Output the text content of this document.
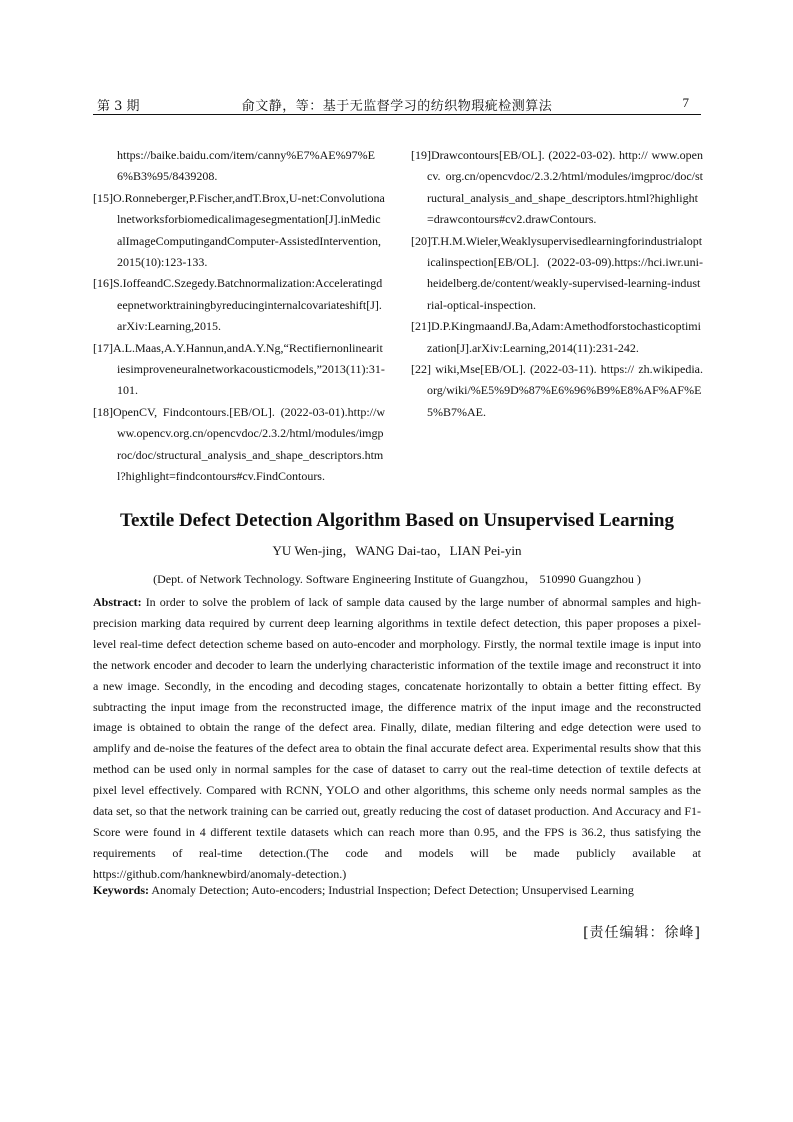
第 3 期	俞文静，等：基于无监督学习的纺织物瑕疵检测算法	7
https://baike.baidu.com/item/canny%E7%AE%97%E6%B3%95/8439208.
[15]O.Ronneberger,P.Fischer,andT.Brox,U-net:Convolutionalnetworksforbiomedicalimagesegmentation[J].inMedicalImageComputingandComputer-AssistedIntervention,2015(10):123-133.
[16]S.IoffeandC.Szegedy.Batchnormalization:Acceleratingdeepnetworktrainingbyreducinginternalcovariateshift[J].arXiv:Learning,2015.
[17]A.L.Maas,A.Y.Hannun,andA.Y.Ng,“Rectifiernonlinearitiesimproveneuralnetworkacousticmodels,”2013(11):31-101.
[18]OpenCV, Findcontours.[EB/OL]. (2022-03-01).http://www.opencv.org.cn/opencvdoc/2.3.2/html/modules/imgproc/doc/structural_analysis_and_shape_descriptors.html?highlight=findcontours#cv.FindContours.
[19]Drawcontours[EB/OL]. (2022-03-02). http:// www.opencv. org.cn/opencvdoc/2.3.2/html/modules/imgproc/doc/structural_analysis_and_shape_descriptors.html?highlight=drawcontours#cv2.drawContours.
[20]T.H.M.Wieler,Weaklysupervisedlearningforindustrialopticalinspection[EB/OL]. (2022-03-09).https://hci.iwr.uni-heidelberg.de/content/weakly-supervised-learning-industrial-optical-inspection.
[21]D.P.KingmaandJ.Ba,Adam:Amethodforstochasticoptimization[J].arXiv:Learning,2014(11):231-242.
[22] wiki,Mse[EB/OL]. (2022-03-11). https:// zh.wikipedia.org/wiki/%E5%9D%87%E6%96%B9%E8%AF%AF%E5%B7%AE.
Textile Defect Detection Algorithm Based on Unsupervised Learning
YU Wen-jing，WANG Dai-tao，LIAN Pei-yin
(Dept. of Network Technology. Software Engineering Institute of Guangzhou， 510990 Guangzhou )
Abstract: In order to solve the problem of lack of sample data caused by the large number of abnormal samples and high-precision marking data required by current deep learning algorithms in textile defect detection, this paper proposes a pixel-level real-time defect detection scheme based on auto-encoder and morphology. Firstly, the normal textile image is input into the network encoder and decoder to learn the underlying characteristic information of the textile image and reconstruct it into a new image. Secondly, in the encoding and decoding stages, concatenate horizontally to obtain a better fitting effect. By subtracting the input image from the reconstructed image, the difference matrix of the input image and the reconstructed image is obtained to obtain the range of the defect area. Finally, dilate, median filtering and edge detection were used to amplify and de-noise the features of the defect area to obtain the final accurate defect area. Experimental results show that this method can be used only in normal samples for the case of dataset to carry out the real-time detection of textile defects at pixel level effectively. Compared with RCNN, YOLO and other algorithms, this scheme only needs normal samples as the data set, so that the network training can be carried out, greatly reducing the cost of dataset production. And Accuracy and F1- Score were found in 4 different textile datasets which can reach more than 0.95, and the FPS is 36.2, thus satisfying the requirements of real-time detection.(The code and models will be made publicly available at https://github.com/hanknewbird/anomaly-detection.)
Keywords: Anomaly Detection; Auto-encoders; Industrial Inspection; Defect Detection; Unsupervised Learning
[责任编辑：徐峰]
